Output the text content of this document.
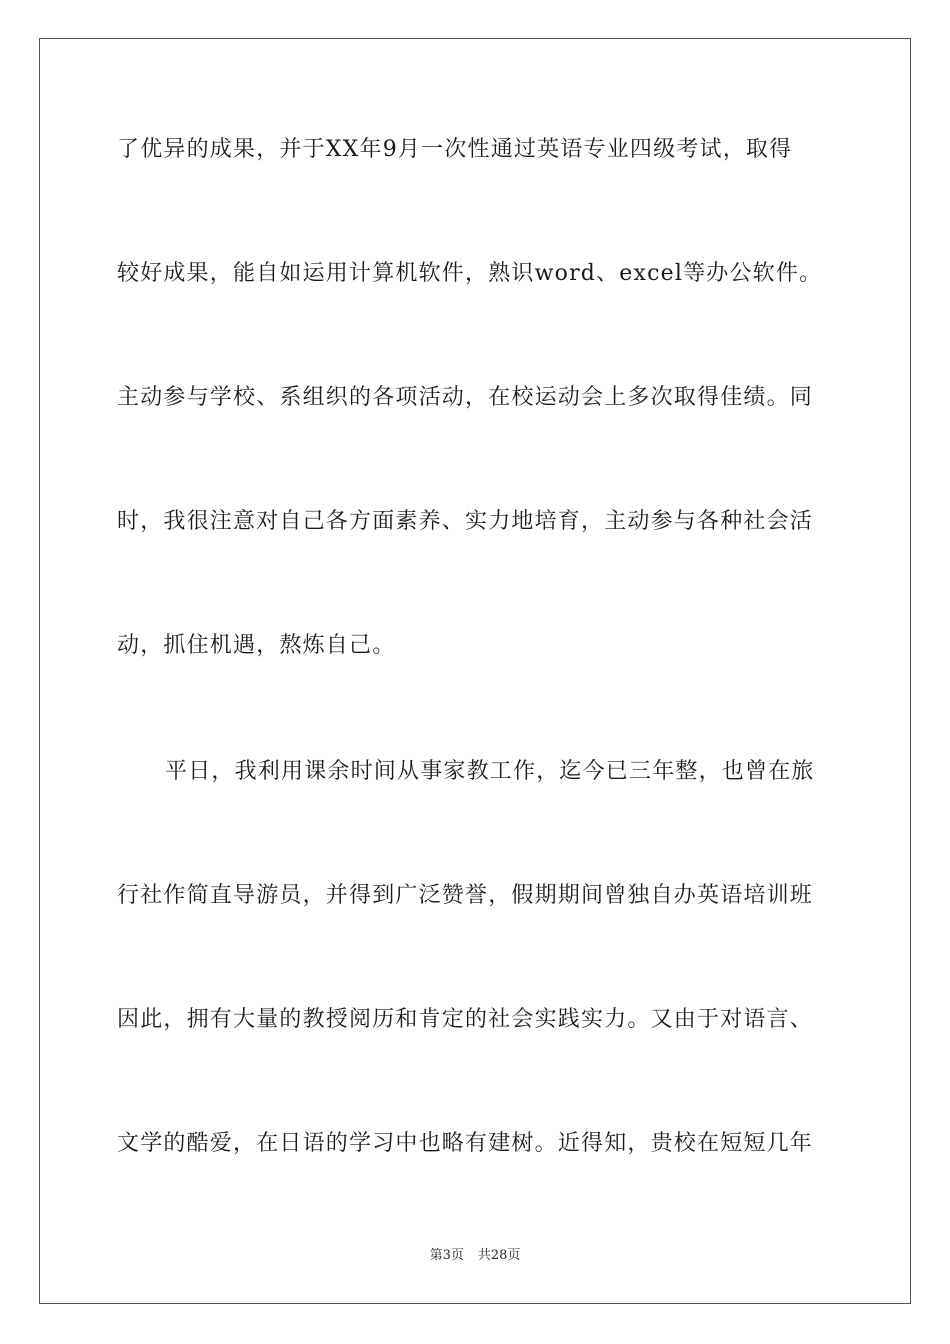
了优异的成果，并于XX年9月一次性通过英语专业四级考试，取得
较好成果，能自如运用计算机软件，熟识word、excel等办公软件。
主动参与学校、系组织的各项活动，在校运动会上多次取得佳绩。同
时，我很注意对自己各方面素养、实力地培育，主动参与各种社会活
动，抓住机遇，熬炼自己。
平日，我利用课余时间从事家教工作，迄今已三年整，也曾在旅
行社作简直导游员，并得到广泛赞誉，假期期间曾独自办英语培训班
因此，拥有大量的教授阅历和肯定的社会实践实力。又由于对语言、
文学的酷爱，在日语的学习中也略有建树。近得知，贵校在短短几年
第3页 共28页
